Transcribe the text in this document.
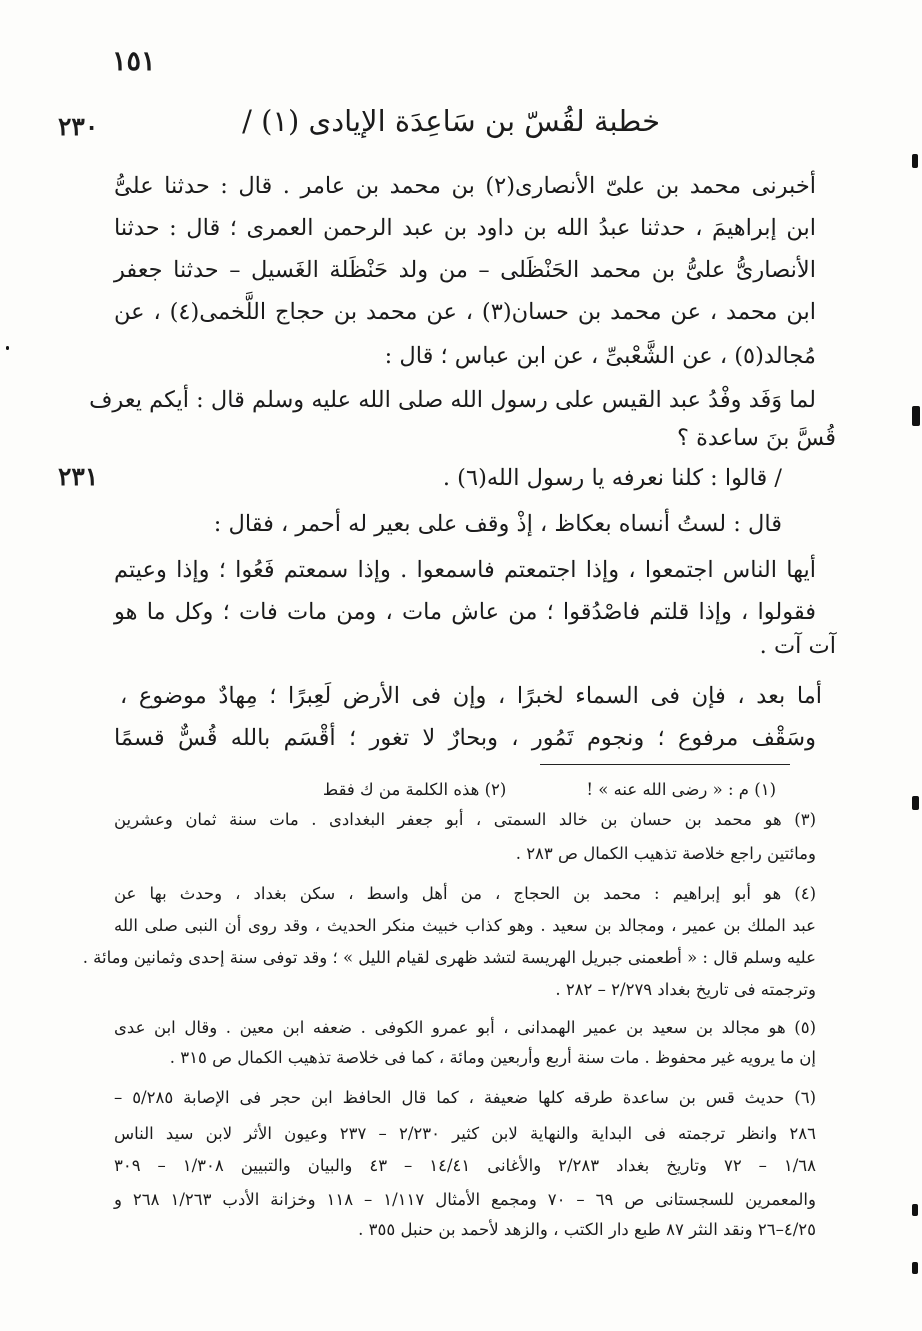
١٥١
٢٣٠
٢٣١
خطبة لقُسّ بن سَاعِدَة الإيادى (١) /
أخبرنى محمد بن علىّ الأنصارى(٢) بن محمد بن عامر . قال : حدثنا علىُّ
ابن إبراهيمَ ، حدثنا عبدُ الله بن داود بن عبد الرحمن العمرى ؛ قال : حدثنا
الأنصارىُّ علىُّ بن محمد الحَنْظَلى – من ولد حَنْظَلة الغَسيل – حدثنا جعفر
ابن محمد ، عن محمد بن حسان(٣) ، عن محمد بن حجاج اللَّخمى(٤) ، عن
مُجالد(٥) ، عن الشَّعْبىِّ ، عن ابن عباس ؛ قال :
لما وَفَد وفْدُ عبد القيس على رسول الله صلى الله عليه وسلم قال : أيكم يعرف
قُسَّ بنَ ساعدة ؟
/ قالوا : كلنا نعرفه يا رسول الله(٦) .
قال : لستُ أنساه بعكاظ ، إذْ وقف على بعير له أحمر ، فقال :
أيها الناس اجتمعوا ، وإذا اجتمعتم فاسمعوا . وإذا سمعتم فَعُوا ؛ وإذا وعيتم
فقولوا ، وإذا قلتم فاصْدُقوا ؛ من عاش مات ، ومن مات فات ؛ وكل ما هو
آت آت .
أما بعد ، فإن فى السماء لخبرًا ، وإن فى الأرض لَعِبرًا ؛ مِهادٌ موضوع ،
وسَقْف مرفوع ؛ ونجوم تَمُور ، وبحارٌ لا تغور ؛ أقْسَم بالله قُسٌّ قسمًا
(١) م : « رضى الله عنه » !
(٢) هذه الكلمة من ك فقط
(٣) هو محمد بن حسان بن خالد السمتى ، أبو جعفر البغدادى . مات سنة ثمان وعشرين
ومائتين راجع خلاصة تذهيب الكمال ص ٢٨٣ .
(٤) هو أبو إبراهيم : محمد بن الحجاج ، من أهل واسط ، سكن بغداد ، وحدث بها عن
عبد الملك بن عمير ، ومجالد بن سعيد . وهو كذاب خبيث منكر الحديث ، وقد روى أن النبى صلى الله
عليه وسلم قال : « أطعمنى جبريل الهريسة لتشد ظهرى لقيام الليل » ؛ وقد توفى سنة إحدى وثمانين ومائة .
وترجمته فى تاريخ بغداد ٢/٢٧٩ – ٢٨٢ .
(٥) هو مجالد بن سعيد بن عمير الهمدانى ، أبو عمرو الكوفى . ضعفه ابن معين . وقال ابن عدى
إن ما يرويه غير محفوظ . مات سنة أربع وأربعين ومائة ، كما فى خلاصة تذهيب الكمال ص ٣١٥ .
(٦) حديث قس بن ساعدة طرقه كلها ضعيفة ، كما قال الحافظ ابن حجر فى الإصابة ٥/٢٨٥ –
٢٨٦ وانظر ترجمته فى البداية والنهاية لابن كثير ٢/٢٣٠ – ٢٣٧ وعيون الأثر لابن سيد الناس
١/٦٨ – ٧٢ وتاريخ بغداد ٢/٢٨٣ والأغانى ١٤/٤١ – ٤٣ والبيان والتبيين ١/٣٠٨ – ٣٠٩
والمعمرين للسجستانى ص ٦٩ – ٧٠ ومجمع الأمثال ١/١١٧ – ١١٨ وخزانة الأدب ١/٢٦٣ ٢٦٨ و
٤/٢٥–٢٦ ونقد النثر ٨٧ طبع دار الكتب ، والزهد لأحمد بن حنبل ٣٥٥ .
